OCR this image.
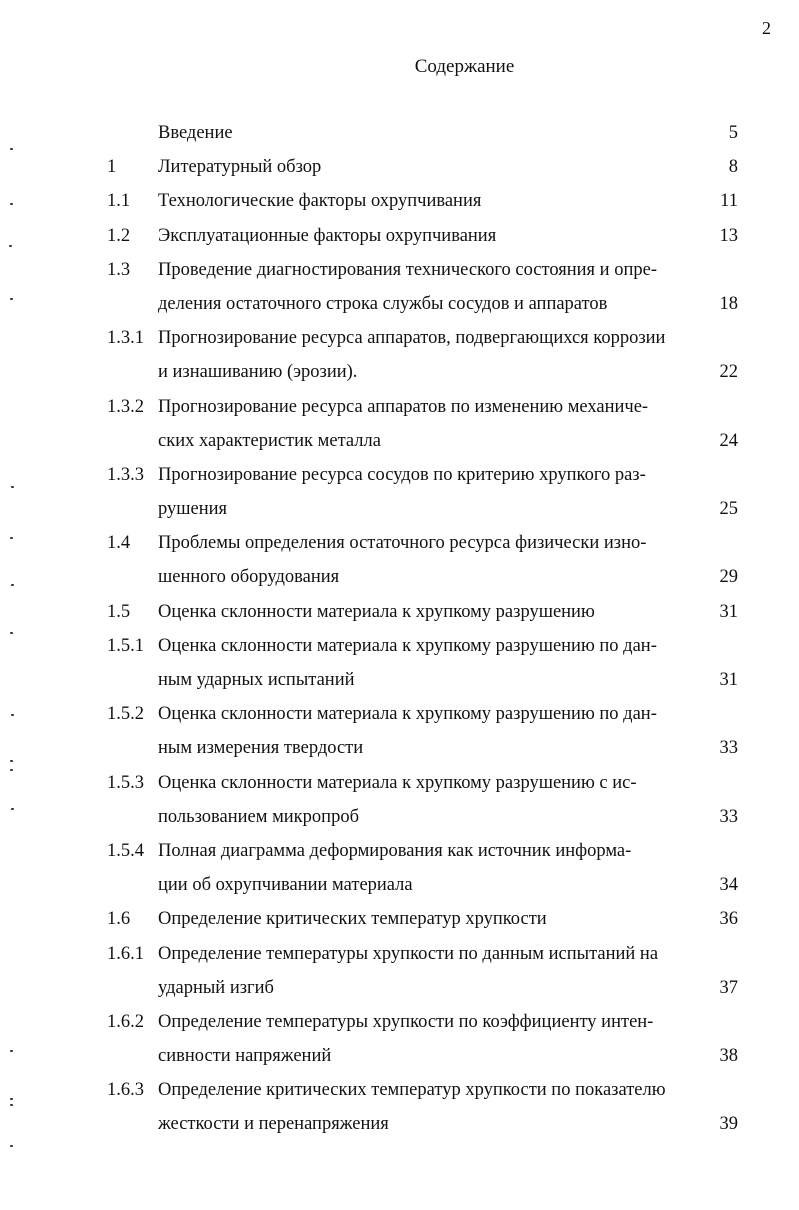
2
Содержание
Введение	5
1 Литературный обзор	8
1.1 Технологические факторы охрупчивания	11
1.2 Эксплуатационные факторы охрупчивания	13
1.3 Проведение диагностирования технического состояния и опре-
деления остаточного строка службы сосудов и аппаратов	18
1.3.1 Прогнозирование ресурса аппаратов, подвергающихся коррозии
и изнашиванию (эрозии).	22
1.3.2 Прогнозирование ресурса аппаратов по изменению механиче-
ских характеристик металла	24
1.3.3 Прогнозирование ресурса сосудов по критерию хрупкого раз-
рушения	25
1.4 Проблемы определения остаточного ресурса физически изно-
шенного оборудования	29
1.5 Оценка склонности материала к хрупкому разрушению	31
1.5.1 Оценка склонности материала к хрупкому разрушению по дан-
ным ударных испытаний	31
1.5.2 Оценка склонности материала к хрупкому разрушению по дан-
ным измерения твердости	33
1.5.3 Оценка склонности материала к хрупкому разрушению с ис-
пользованием микропроб	33
1.5.4 Полная диаграмма деформирования как источник информа-
ции об охрупчивании материала	34
1.6 Определение критических температур хрупкости	36
1.6.1 Определение температуры хрупкости по данным испытаний на
ударный изгиб	37
1.6.2 Определение температуры хрупкости по коэффициенту интен-
сивности напряжений	38
1.6.3 Определение критических температур хрупкости по показателю
жесткости и перенапряжения	39
